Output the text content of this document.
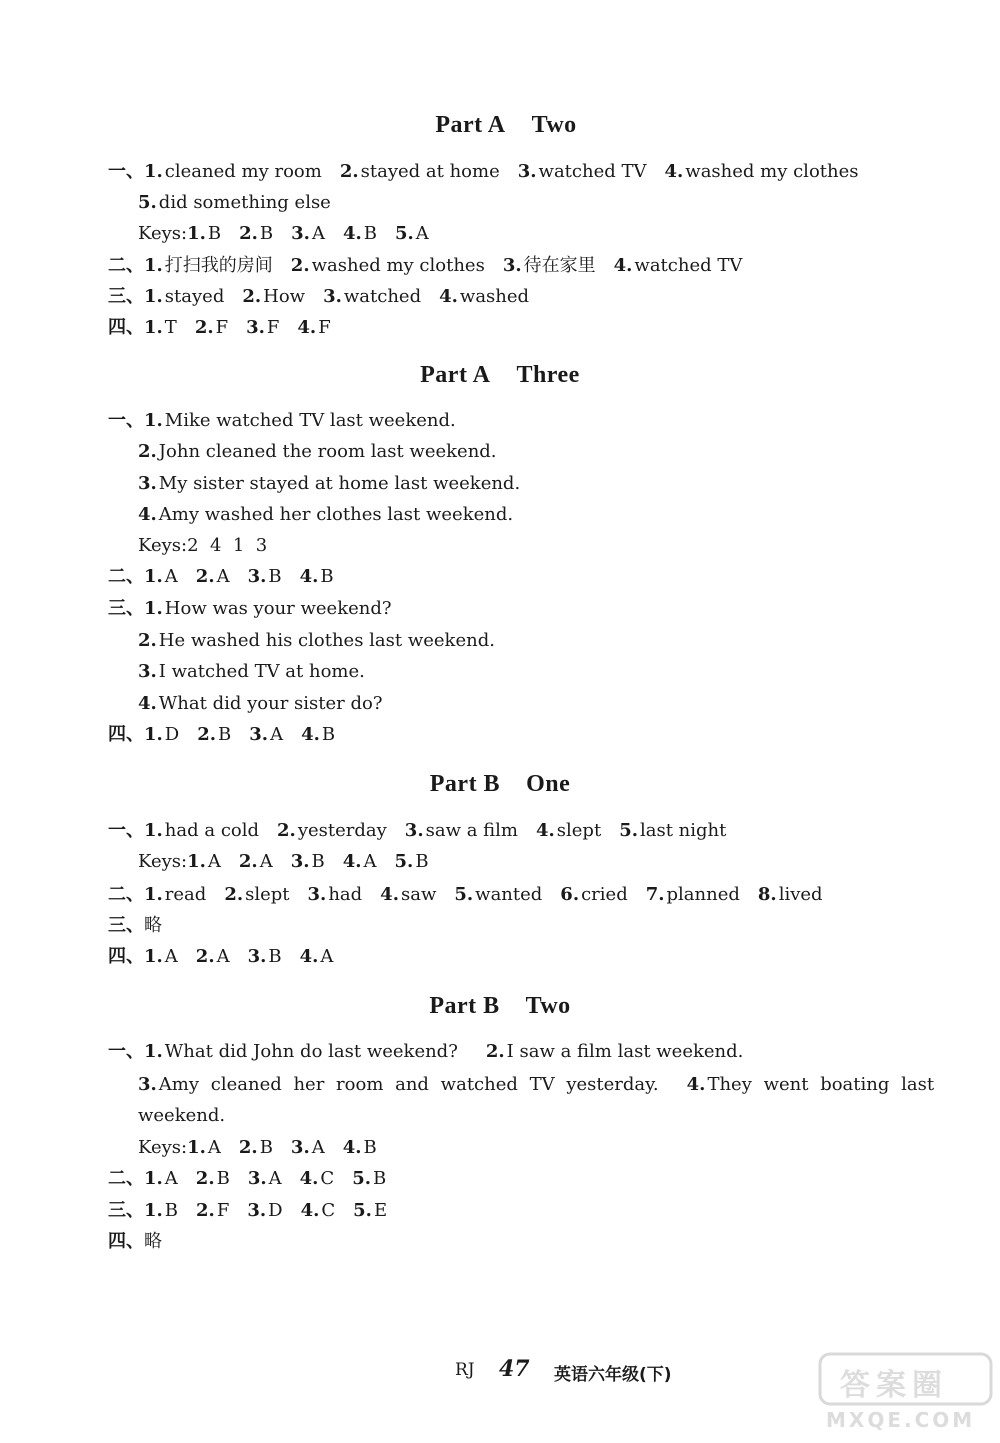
Part A Two
一、1. cleaned my room 2. stayed at home 3. watched TV 4. washed my clothes
5. did something else
Keys:1. B 2. B 3. A 4. B 5. A
二、1. 打扫我的房间 2. washed my clothes 3. 待在家里 4. watched TV
三、1. stayed 2. How 3. watched 4. washed
四、1. T 2. F 3. F 4. F
Part A Three
一、1. Mike watched TV last weekend.
2. John cleaned the room last weekend.
3. My sister stayed at home last weekend.
4. Amy washed her clothes last weekend.
Keys:2  4  1  3
二、1. A 2. A 3. B 4. B
三、1. How was your weekend?
2. He washed his clothes last weekend.
3. I watched TV at home.
4. What did your sister do?
四、1. D 2. B 3. A 4. B
Part B One
一、1. had a cold 2. yesterday 3. saw a film 4. slept 5. last night
Keys:1. A 2. A 3. B 4. A 5. B
二、1. read 2. slept 3. had 4. saw 5. wanted 6. cried 7. planned 8. lived
三、略
四、1. A 2. A 3. B 4. A
Part B Two
一、1. What did John do last weekend? 2. I saw a film last weekend.
3. Amy cleaned her room and watched TV yesterday. 4. They went boating last
weekend.
Keys:1. A 2. B 3. A 4. B
二、1. A 2. B 3. A 4. C 5. B
三、1. B 2. F 3. D 4. C 5. E
四、略
RJ 47 英语六年级(下)	答案圈
MXQE.COM
